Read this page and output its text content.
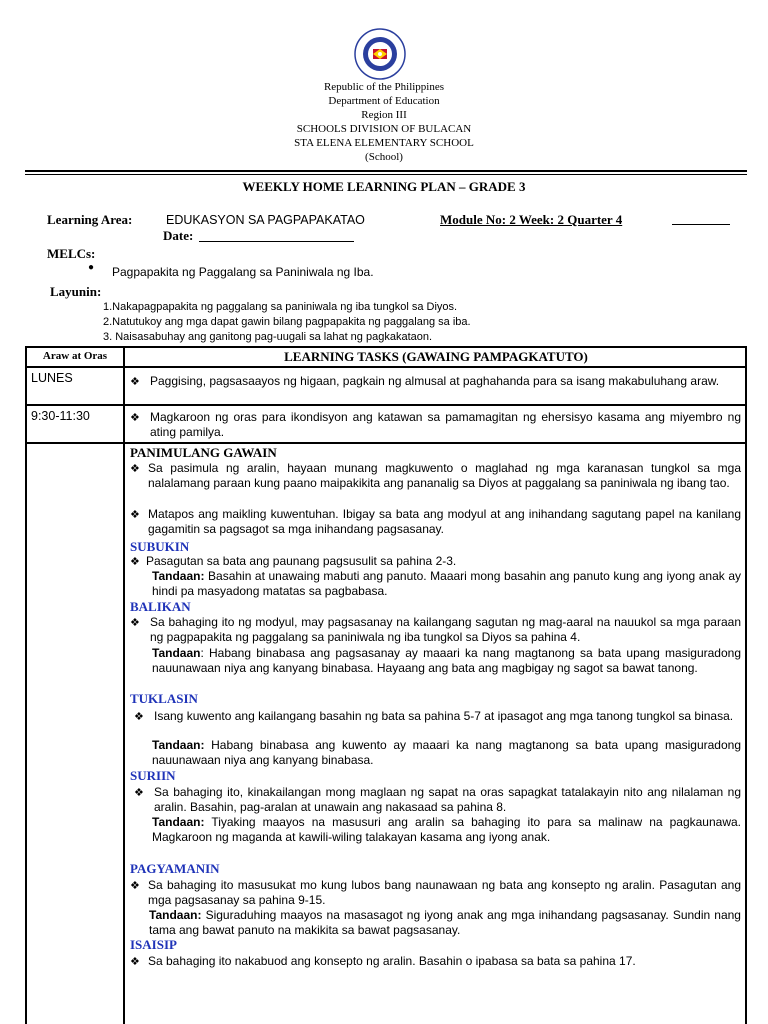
Republic of the Philippines
Department of Education
Region III
SCHOOLS DIVISION OF BULACAN
STA ELENA ELEMENTARY SCHOOL
(School)
WEEKLY HOME LEARNING PLAN – GRADE 3
Learning Area:	EDUKASYON SA PAGPAPAKATAO	Module No: 2 Week: 2 Quarter 4
Date:
MELCs:
● Pagpapakita ng Paggalang sa Paniniwala ng Iba.
Layunin:
1.Nakapagpapakita ng paggalang sa paniniwala ng iba tungkol sa Diyos.
2.Natutukoy ang mga dapat gawin bilang pagpapakita ng paggalang sa iba.
3. Naisasabuhay ang ganitong pag-uugali sa lahat ng pagkakataon.
Araw at Oras	LEARNING TASKS (GAWAING PAMPAGKATUTO)
LUNES	❖ Paggising, pagsasaayos ng higaan, pagkain ng almusal at paghahanda para sa isang makabuluhang araw.
9:30-11:30	❖ Magkaroon ng oras para ikondisyon ang katawan sa pamamagitan ng ehersisyo kasama ang miyembro ng ating pamilya.
PANIMULANG GAWAIN
❖ Sa pasimula ng aralin, hayaan munang magkuwento o maglahad ng mga karanasan tungkol sa mga nalalamang paraan kung paano maipakikita ang pananalig sa Diyos at paggalang sa paniniwala ng ibang tao.
❖ Matapos ang maikling kuwentuhan. Ibigay sa bata ang modyul at ang inihandang sagutang papel na kanilang gagamitin sa pagsagot sa mga inihandang pagsasanay.
SUBUKIN
❖ Pasagutan sa bata ang paunang pagsusulit sa pahina 2-3.
Tandaan: Basahin at unawaing mabuti ang panuto. Maaari mong basahin ang panuto kung ang iyong anak ay hindi pa masyadong matatas sa pagbabasa.
BALIKAN
❖ Sa bahaging ito ng modyul, may pagsasanay na kailangang sagutan ng mag-aaral na nauukol sa mga paraan ng pagpapakita ng paggalang sa paniniwala ng iba tungkol sa Diyos sa pahina 4.
Tandaan: Habang binabasa ang pagsasanay ay maaari ka nang magtanong sa bata upang masiguradong nauunawaan niya ang kanyang binabasa. Hayaang ang bata ang magbigay ng sagot sa bawat tanong.
TUKLASIN
❖ Isang kuwento ang kailangang basahin ng bata sa pahina 5-7 at ipasagot ang mga tanong tungkol sa binasa.
Tandaan: Habang binabasa ang kuwento ay maaari ka nang magtanong sa bata upang masiguradong nauunawaan niya ang kanyang binabasa.
SURIIN
❖ Sa bahaging ito, kinakailangan mong maglaan ng sapat na oras sapagkat tatalakayin nito ang nilalaman ng aralin. Basahin, pag-aralan at unawain ang nakasaad sa pahina 8.
Tandaan: Tiyaking maayos na masusuri ang aralin sa bahaging ito para sa malinaw na pagkaunawa. Magkaroon ng maganda at kawili-wiling talakayan kasama ang iyong anak.
PAGYAMANIN
❖ Sa bahaging ito masusukat mo kung lubos bang naunawaan ng bata ang konsepto ng aralin. Pasagutan ang mga pagsasanay sa pahina 9-15.
Tandaan: Siguraduhing maayos na masasagot ng iyong anak ang mga inihandang pagsasanay. Sundin nang tama ang bawat panuto na makikita sa bawat pagsasanay.
ISAISIP
❖ Sa bahaging ito nakabuod ang konsepto ng aralin. Basahin o ipabasa sa bata sa pahina 17.
